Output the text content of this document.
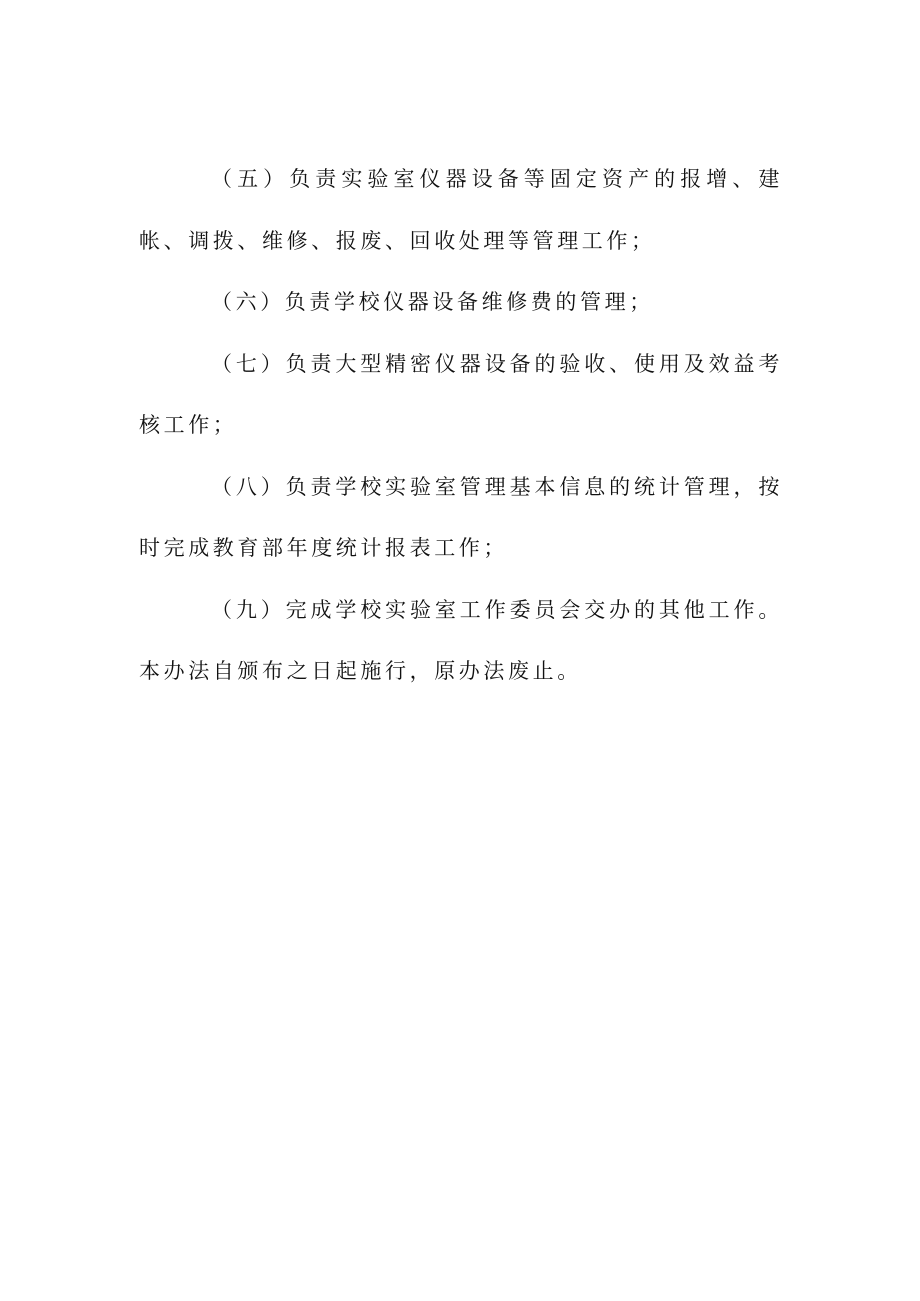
（五）负责实验室仪器设备等固定资产的报增、建帐、调拨、维修、报废、回收处理等管理工作；

（六）负责学校仪器设备维修费的管理；

（七）负责大型精密仪器设备的验收、使用及效益考核工作；

（八）负责学校实验室管理基本信息的统计管理，按时完成教育部年度统计报表工作；

（九）完成学校实验室工作委员会交办的其他工作。本办法自颁布之日起施行，原办法废止。
